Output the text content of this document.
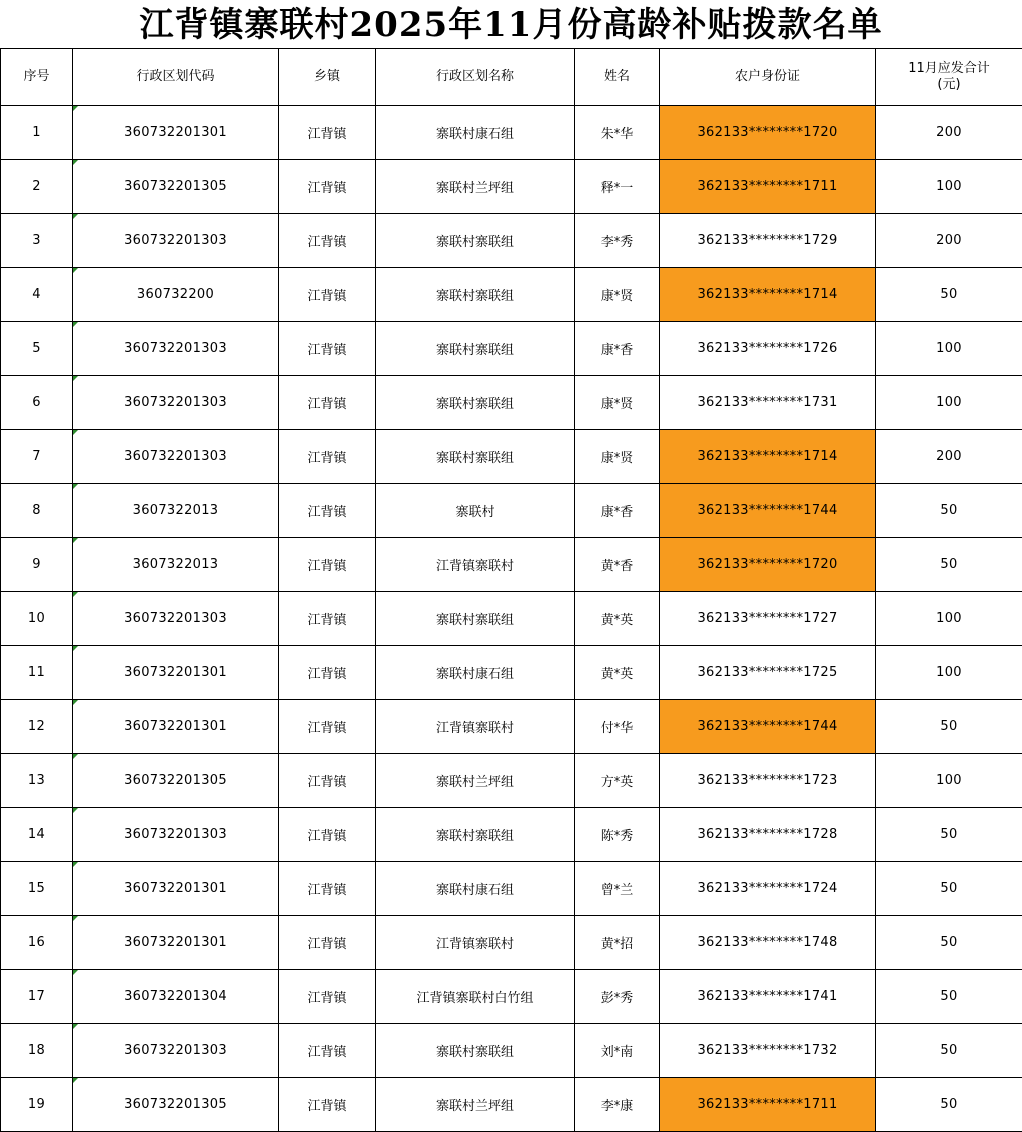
江背镇寨联村2025年11月份高龄补贴拨款名单
序号	行政区划代码	乡镇	行政区划名称	姓名	农户身份证	11月应发合计
(元)

1	360732201301	江背镇	寨联村康石组	朱*华	362133********1720	200
2	360732201305	江背镇	寨联村兰坪组	释*一	362133********1711	100
3	360732201303	江背镇	寨联村寨联组	李*秀	362133********1729	200
4	360732200	江背镇	寨联村寨联组	康*贤	362133********1714	50
5	360732201303	江背镇	寨联村寨联组	康*香	362133********1726	100
6	360732201303	江背镇	寨联村寨联组	康*贤	362133********1731	100
7	360732201303	江背镇	寨联村寨联组	康*贤	362133********1714	200
8	3607322013	江背镇	寨联村	康*香	362133********1744	50
9	3607322013	江背镇	江背镇寨联村	黄*香	362133********1720	50
10	360732201303	江背镇	寨联村寨联组	黄*英	362133********1727	100
11	360732201301	江背镇	寨联村康石组	黄*英	362133********1725	100
12	360732201301	江背镇	江背镇寨联村	付*华	362133********1744	50
13	360732201305	江背镇	寨联村兰坪组	方*英	362133********1723	100
14	360732201303	江背镇	寨联村寨联组	陈*秀	362133********1728	50
15	360732201301	江背镇	寨联村康石组	曾*兰	362133********1724	50
16	360732201301	江背镇	江背镇寨联村	黄*招	362133********1748	50
17	360732201304	江背镇	江背镇寨联村白竹组	彭*秀	362133********1741	50
18	360732201303	江背镇	寨联村寨联组	刘*南	362133********1732	50
19	360732201305	江背镇	寨联村兰坪组	李*康	362133********1711	50
